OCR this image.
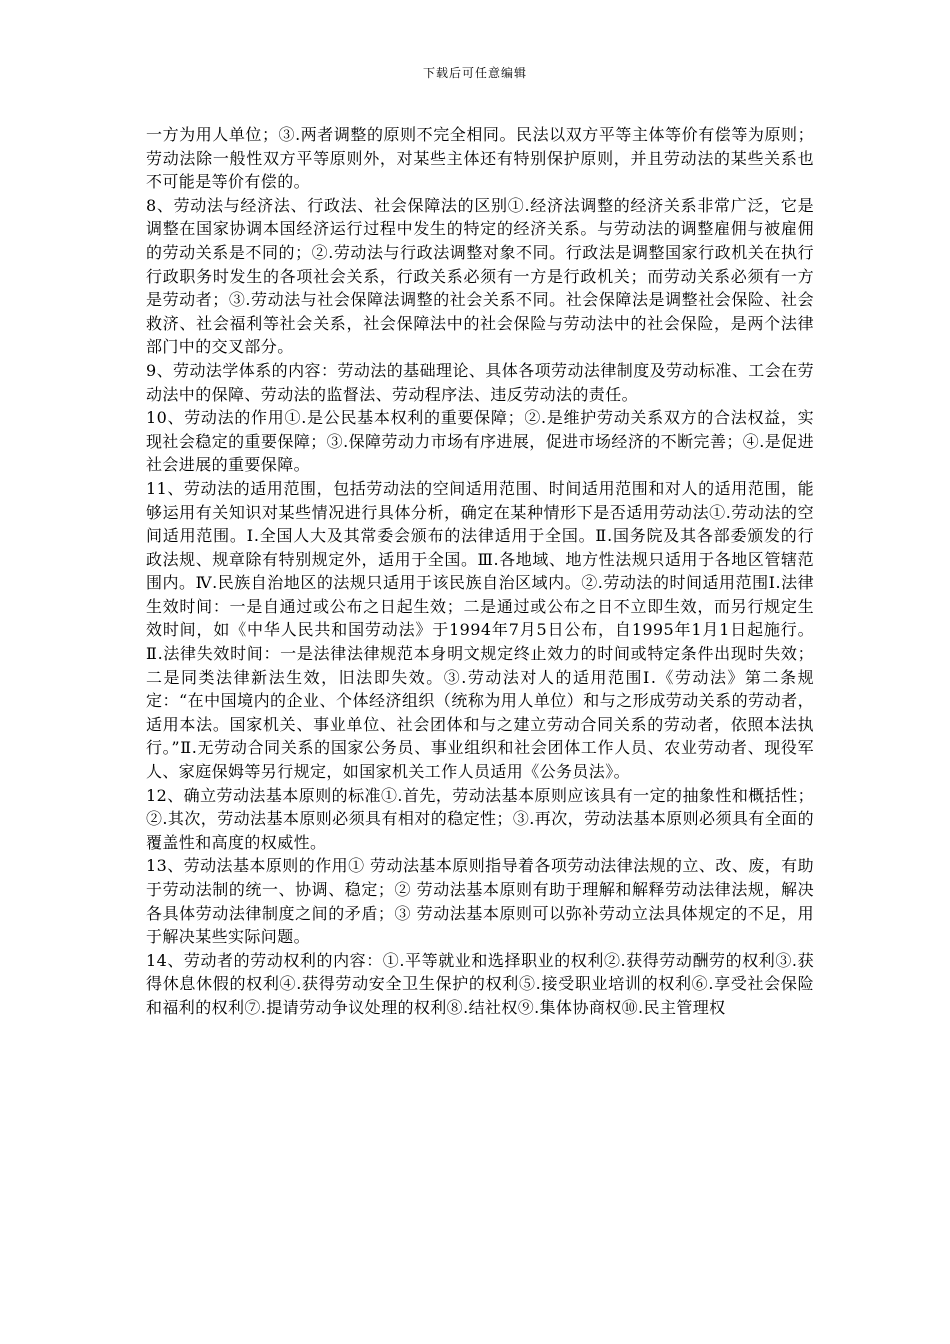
下载后可任意编辑

一方为用人单位；③.两者调整的原则不完全相同。民法以双方平等主体等价有偿等为原则；劳动法除一般性双方平等原则外，对某些主体还有特别保护原则，并且劳动法的某些关系也不可能是等价有偿的。

8、劳动法与经济法、行政法、社会保障法的区别①.经济法调整的经济关系非常广泛，它是调整在国家协调本国经济运行过程中发生的特定的经济关系。与劳动法的调整雇佣与被雇佣的劳动关系是不同的；②.劳动法与行政法调整对象不同。行政法是调整国家行政机关在执行行政职务时发生的各项社会关系，行政关系必须有一方是行政机关；而劳动关系必须有一方是劳动者；③.劳动法与社会保障法调整的社会关系不同。社会保障法是调整社会保险、社会救济、社会福利等社会关系，社会保障法中的社会保险与劳动法中的社会保险，是两个法律部门中的交叉部分。

9、劳动法学体系的内容：劳动法的基础理论、具体各项劳动法律制度及劳动标准、工会在劳动法中的保障、劳动法的监督法、劳动程序法、违反劳动法的责任。

10、劳动法的作用①.是公民基本权利的重要保障；②.是维护劳动关系双方的合法权益，实现社会稳定的重要保障；③.保障劳动力市场有序进展，促进市场经济的不断完善；④.是促进社会进展的重要保障。

11、劳动法的适用范围，包括劳动法的空间适用范围、时间适用范围和对人的适用范围，能够运用有关知识对某些情况进行具体分析，确定在某种情形下是否适用劳动法①.劳动法的空间适用范围。Ⅰ.全国人大及其常委会颁布的法律适用于全国。Ⅱ.国务院及其各部委颁发的行政法规、规章除有特别规定外，适用于全国。Ⅲ.各地域、地方性法规只适用于各地区管辖范围内。Ⅳ.民族自治地区的法规只适用于该民族自治区域内。②.劳动法的时间适用范围Ⅰ.法律生效时间：一是自通过或公布之日起生效；二是通过或公布之日不立即生效，而另行规定生效时间，如《中华人民共和国劳动法》于1994年7月5日公布，自1995年1月1日起施行。Ⅱ.法律失效时间：一是法律法律规范本身明文规定终止效力的时间或特定条件出现时失效；二是同类法律新法生效，旧法即失效。③.劳动法对人的适用范围Ⅰ.《劳动法》第二条规定：“在中国境内的企业、个体经济组织（统称为用人单位）和与之形成劳动关系的劳动者，适用本法。国家机关、事业单位、社会团体和与之建立劳动合同关系的劳动者，依照本法执行。”Ⅱ.无劳动合同关系的国家公务员、事业组织和社会团体工作人员、农业劳动者、现役军人、家庭保姆等另行规定，如国家机关工作人员适用《公务员法》。

12、确立劳动法基本原则的标准①.首先，劳动法基本原则应该具有一定的抽象性和概括性；②.其次，劳动法基本原则必须具有相对的稳定性；③.再次，劳动法基本原则必须具有全面的覆盖性和高度的权威性。

13、劳动法基本原则的作用① 劳动法基本原则指导着各项劳动法律法规的立、改、废，有助于劳动法制的统一、协调、稳定；② 劳动法基本原则有助于理解和解释劳动法律法规，解决各具体劳动法律制度之间的矛盾；③ 劳动法基本原则可以弥补劳动立法具体规定的不足，用于解决某些实际问题。

14、劳动者的劳动权利的内容：①.平等就业和选择职业的权利②.获得劳动酬劳的权利③.获得休息休假的权利④.获得劳动安全卫生保护的权利⑤.接受职业培训的权利⑥.享受社会保险和福利的权利⑦.提请劳动争议处理的权利⑧.结社权⑨.集体协商权⑩.民主管理权
